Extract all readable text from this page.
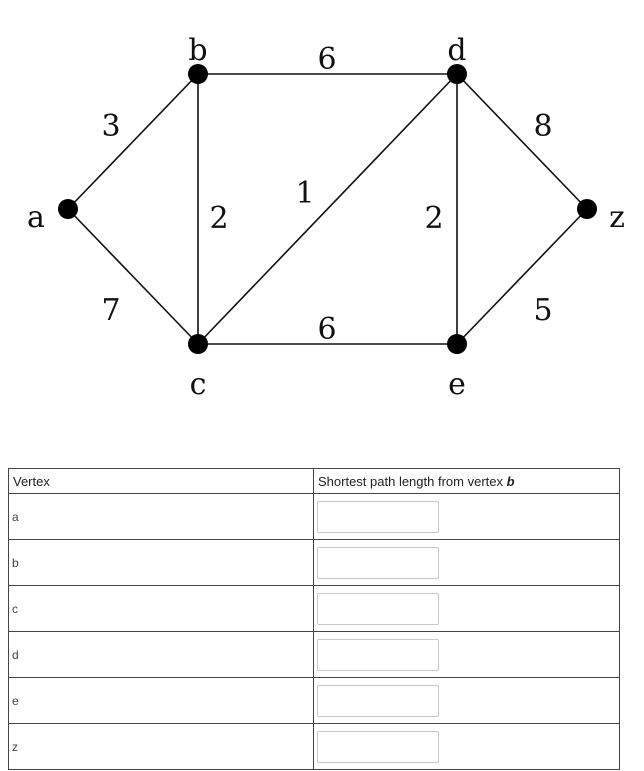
3
7
2
6
1
6
2
8
5
a
b
c
d
e
z
Vertex	Shortest path length from vertex b
a	
b	
c	
d	
e	
z	
